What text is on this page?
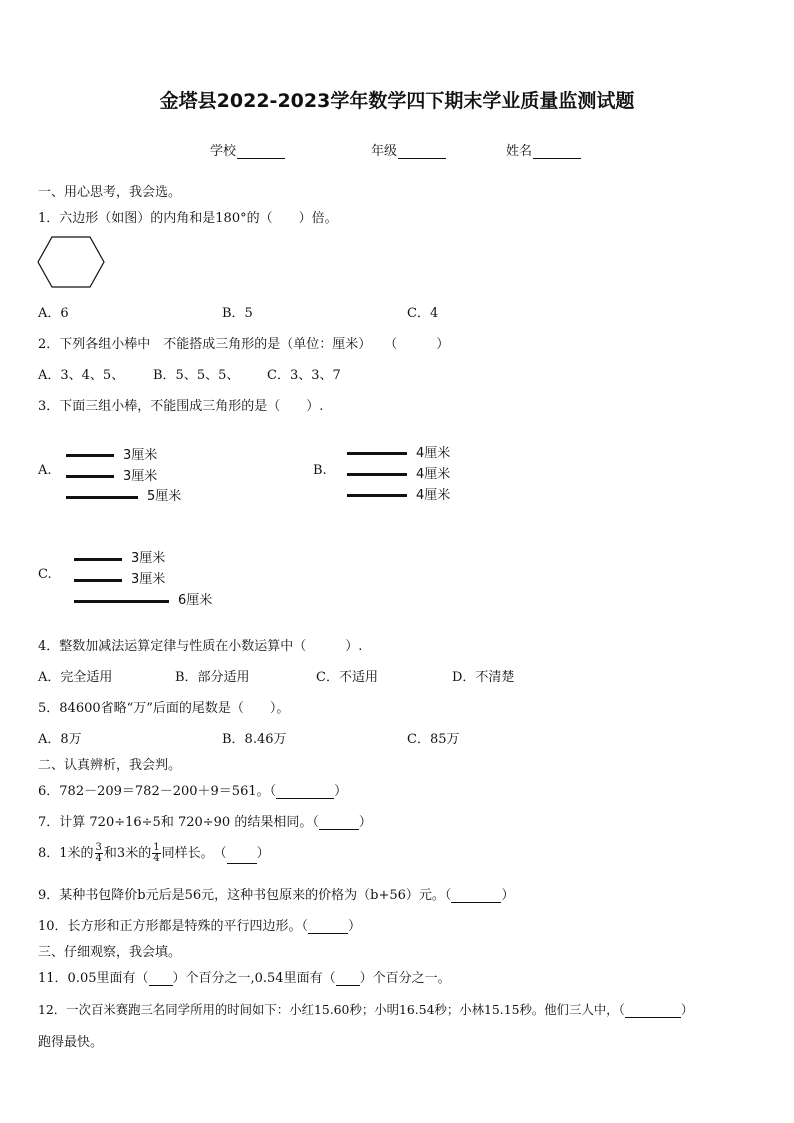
金塔县2022-2023学年数学四下期末学业质量监测试题
学校	年级	姓名
一、用心思考，我会选。
1．六边形（如图）的内角和是180°的（　　）倍。
A．6	B．5	C．4
2．下列各组小棒中　不能搭成三角形的是（单位：厘米）　　（　　　）
A．3、4、5、 B．5、5、5、 C．3、3、7
3．下面三组小棒，不能围成三角形的是（　　）.
A.
3厘米
3厘米
5厘米
B.
4厘米
4厘米
4厘米
C.
3厘米
3厘米
6厘米
4．整数加减法运算定律与性质在小数运算中（　　　）.
A．完全适用	B．部分适用	C．不适用	D．不清楚
5．84600省略“万”后面的尾数是（　　）。
A．8万	B．8.46万	C．85万
二、认真辨析，我会判。
6．782－209＝782－200＋9＝561。（	）
7．计算 720÷16÷5和 720÷90 的结果相同。（	）
8．1米的 $\frac{3}{4}$ 和3米的 $\frac{1}{4}$ 同样长。　（ ）
9．某种书包降价b元后是56元，这种书包原来的价格为（b+56）元。（	）
10．长方形和正方形都是特殊的平行四边形。（	）
三、仔细观察，我会填。
11．0.05里面有（ ）个百分之一,0.54里面有（ ）个百分之一。
12．一次百米赛跑三名同学所用的时间如下：小红15.60秒；小明16.54秒；小林15.15秒。他们三人中，（	）
跑得最快。
